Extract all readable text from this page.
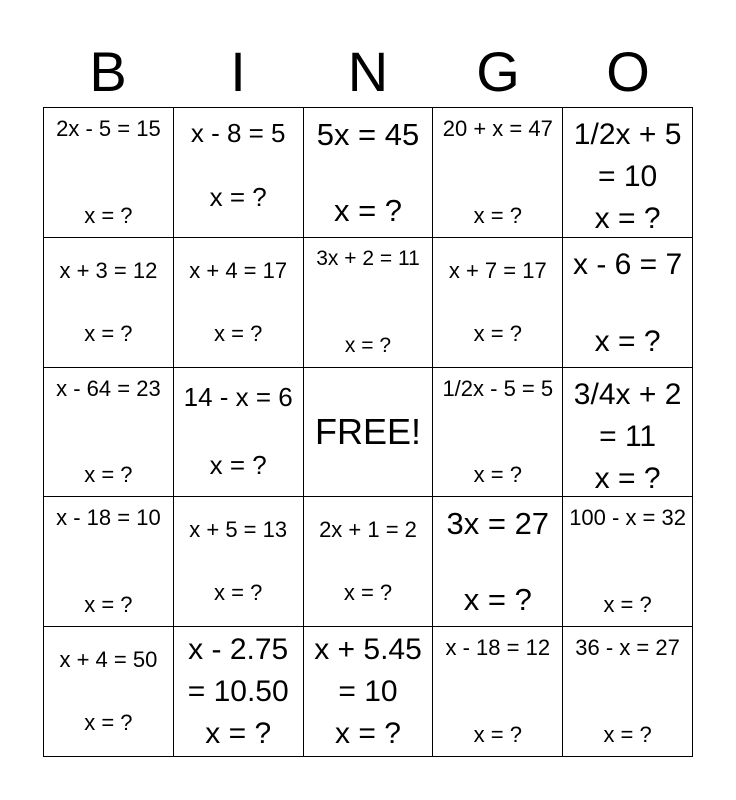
B	I	N	G	O
2x - 5 = 15
x = ?
x - 8 = 5
x = ?
5x = 45
x = ?
20 + x = 47
x = ?
1/2x + 5 = 10
x = ?
x + 3 = 12
x = ?
x + 4 = 17
x = ?
3x + 2 = 11
x = ?
x + 7 = 17
x = ?
x - 6 = 7
x = ?
x - 64 = 23
x = ?
14 - x = 6
x = ?
FREE!
1/2x - 5 = 5
x = ?
3/4x + 2 = 11
x = ?
x - 18 = 10
x = ?
x + 5 = 13
x = ?
2x + 1 = 2
x = ?
3x = 27
x = ?
100 - x = 32
x = ?
x + 4 = 50
x = ?
x - 2.75 = 10.50
x = ?
x + 5.45 = 10
x = ?
x - 18 = 12
x = ?
36 - x = 27
x = ?
